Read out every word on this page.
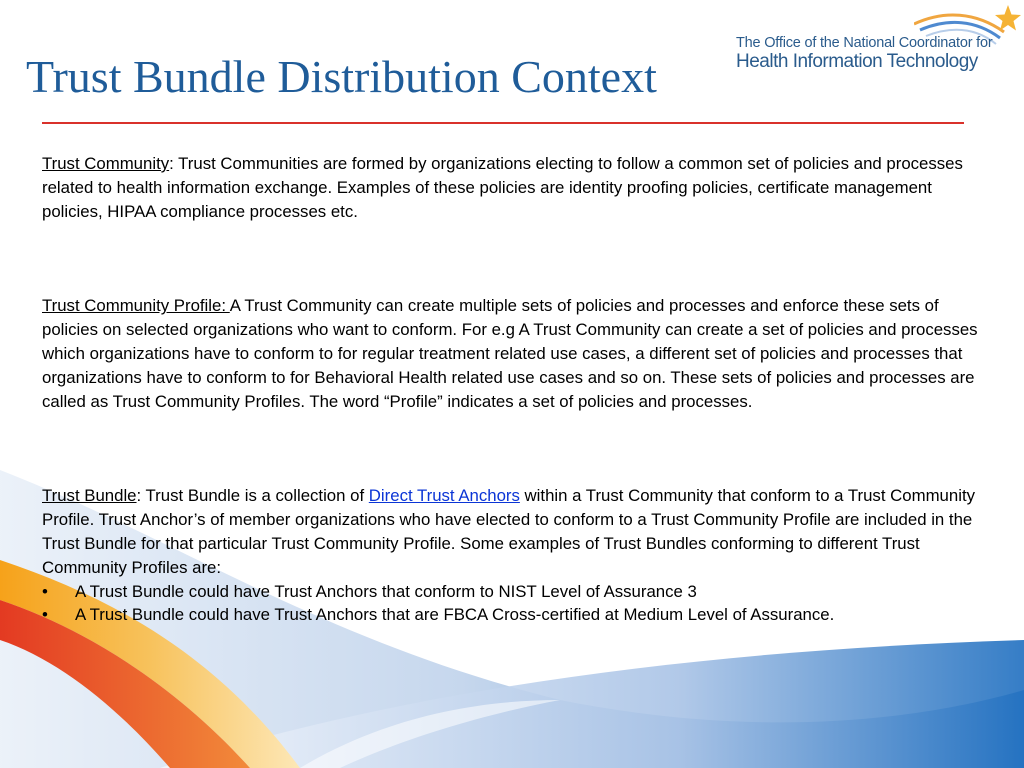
The Office of the National Coordinator for
Health Information Technology
Trust Bundle Distribution Context

Trust Community: Trust Communities are formed by organizations electing to follow a common set of policies and processes related to health information exchange. Examples of these policies are identity proofing policies, certificate management policies, HIPAA compliance processes etc.

Trust Community Profile: A Trust Community can create multiple sets of policies and processes and enforce these sets of policies on selected organizations who want to conform. For e.g A Trust Community can create a set of policies and processes which organizations have to conform to for regular treatment related use cases, a different set of policies and processes that organizations have to conform to for Behavioral Health related use cases and so on. These sets of policies and processes are called as Trust Community Profiles. The word “Profile” indicates a set of policies and processes.

Trust Bundle: Trust Bundle is a collection of Direct Trust Anchors within a Trust Community that conform to a Trust Community Profile. Trust Anchor’s of member organizations who have elected to conform to a Trust Community Profile are included in the Trust Bundle for that particular Trust Community Profile. Some examples of Trust Bundles conforming to different Trust Community Profiles are:

• A Trust Bundle could have Trust Anchors that conform to NIST Level of Assurance 3
• A Trust Bundle could have Trust Anchors that are FBCA Cross-certified at Medium Level of Assurance.
